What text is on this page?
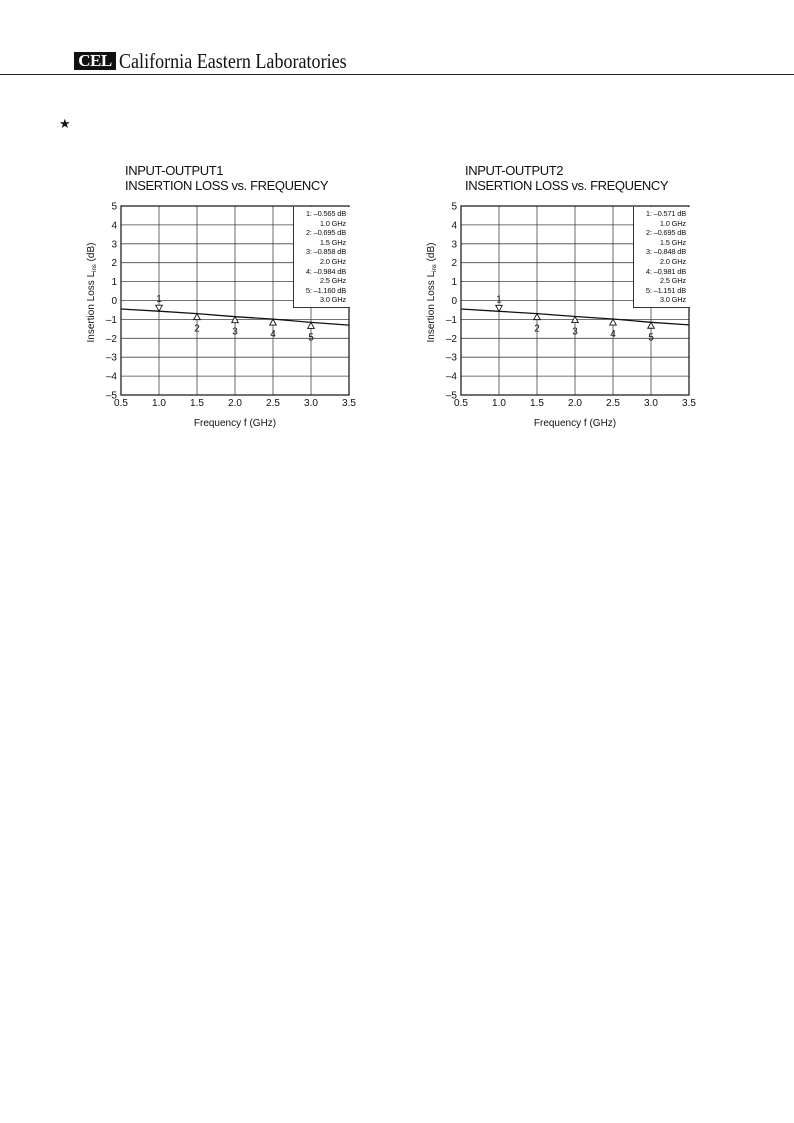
CEL California Eastern Laboratories
★
INPUT-OUTPUT1
INSERTION LOSS vs. FREQUENCY
0.5 1.0 1.5 2.0 2.5 3.0 3.5
5
4
3
2
1
0
–1
–2
–3
–4
–5
Frequency f (GHz)
Insertion Loss $L_{ins}$ (dB)
1
2	3	4	5
1: –0.565 dB
1.0 GHz
2: –0.695 dB
1.5 GHz
3: –0.858 dB
2.0 GHz
4: –0.984 dB
2.5 GHz
5: –1.160 dB
3.0 GHz
INPUT-OUTPUT2
INSERTION LOSS vs. FREQUENCY
0.5 1.0 1.5 2.0 2.5 3.0 3.5
5
4
3
2
1
0
–1
–2
–3
–4
–5
Frequency f (GHz)
Insertion Loss $L_{ins}$ (dB)
1
2	3	4	5
1: –0.571 dB
1.0 GHz
2: –0.695 dB
1.5 GHz
3: –0.848 dB
2.0 GHz
4: –0.981 dB
2.5 GHz
5: –1.151 dB
3.0 GHz
